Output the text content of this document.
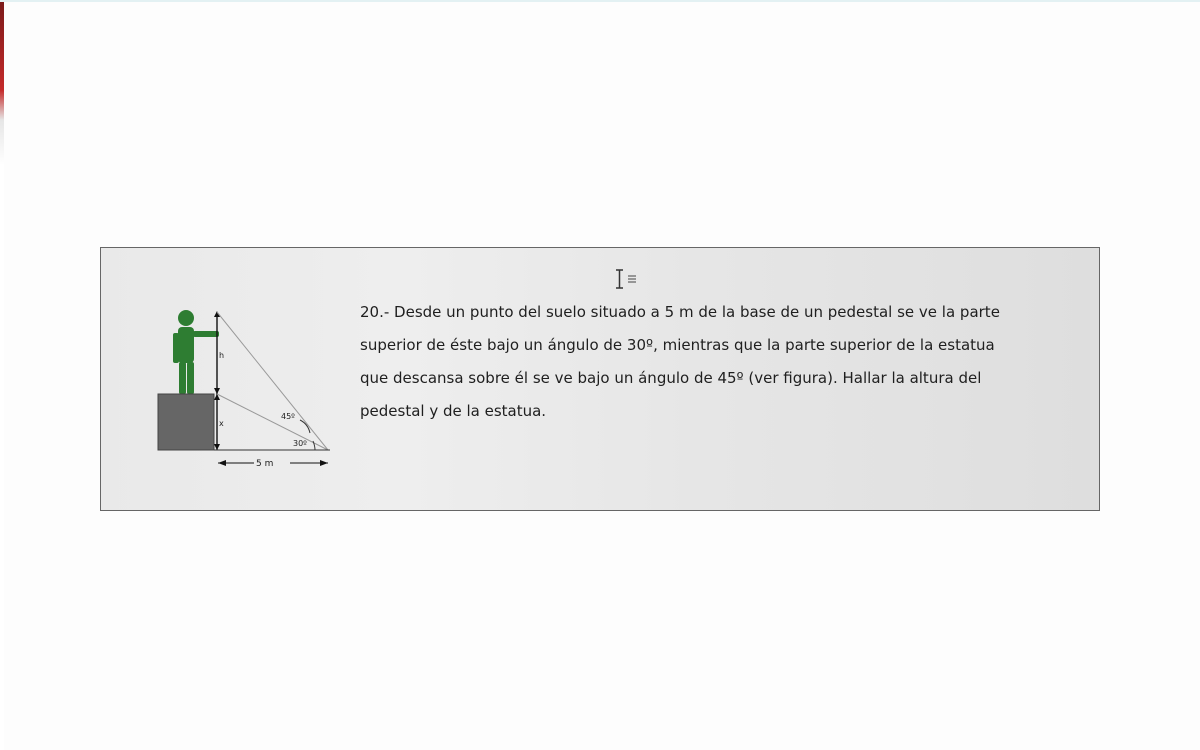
h
x
45º
30º
5 m
20.- Desde un punto del suelo situado a 5 m de la base de un pedestal se ve la parte
superior de éste bajo un ángulo de 30º, mientras que la parte superior de la estatua
que descansa sobre él se ve bajo un ángulo de 45º (ver figura). Hallar la altura del
pedestal y de la estatua.
